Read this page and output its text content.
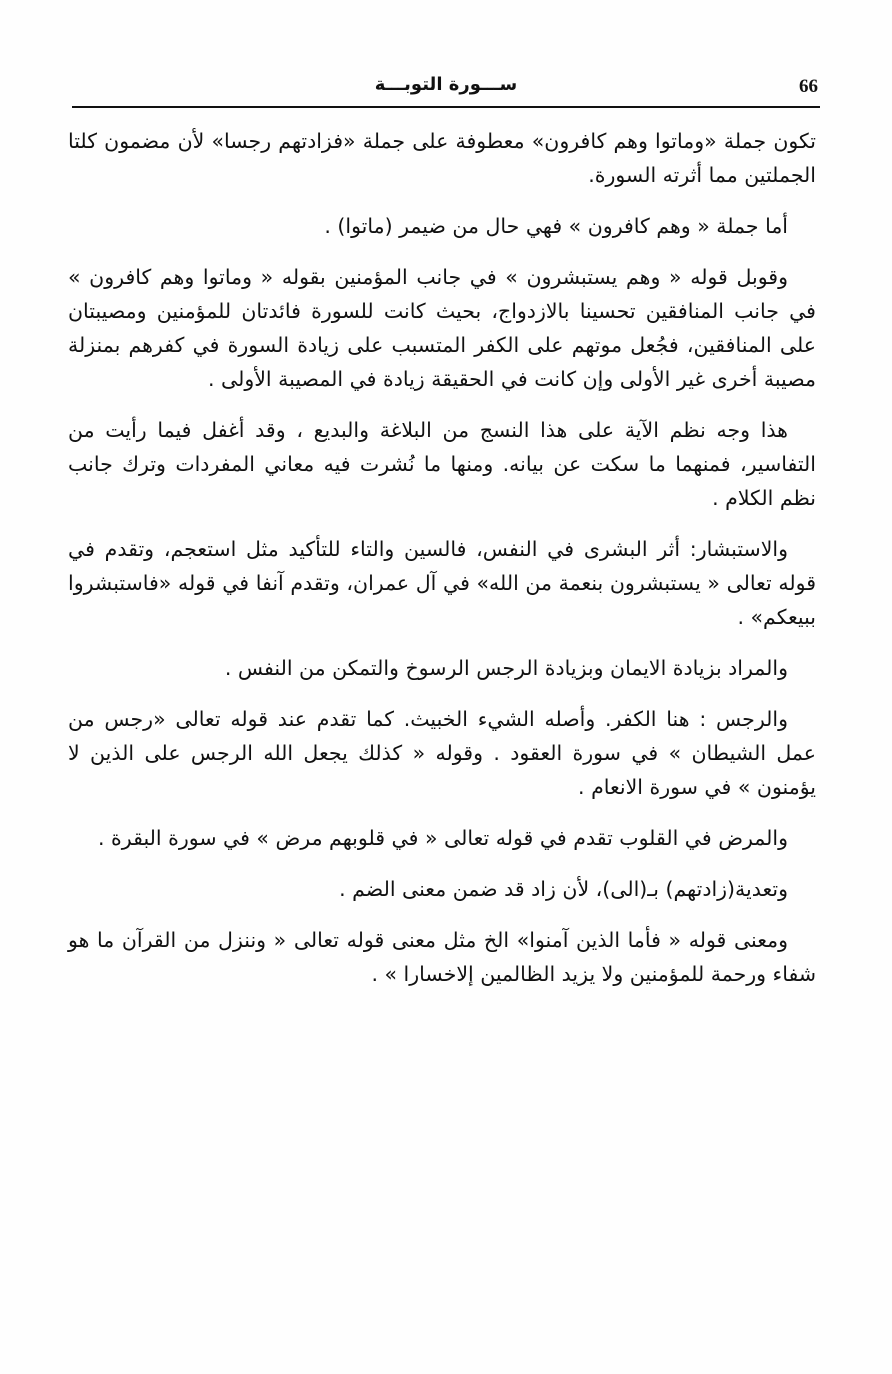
66
ســـورة التوبـــة

تكون جملة «وماتوا وهم كافرون» معطوفة على جملة «فزادتهم رجسا» لأن مضمون كلتا الجملتين مما أثرته السورة.

أما جملة « وهم كافرون » فهي حال من ضيمر (ماتوا) .

وقوبل قوله « وهم يستبشرون » في جانب المؤمنين بقوله « وماتوا وهم كافرون » في جانب المنافقين تحسينا بالازدواج، بحيث كانت للسورة فائدتان للمؤمنين ومصيبتان على المنافقين، فجُعل موتهم على الكفر المتسبب على زيادة السورة في كفرهم بمنزلة مصيبة أخرى غير الأولى وإن كانت في الحقيقة زيادة في المصيبة الأولى .

هذا وجه نظم الآية على هذا النسج من البلاغة والبديع ، وقد أغفل فيما رأيت من التفاسير، فمنهما ما سكت عن بيانه. ومنها ما نُشرت فيه معاني المفردات وترك جانب نظم الكلام .

والاستبشار: أثر البشرى في النفس، فالسين والتاء للتأكيد مثل استعجم، وتقدم في قوله تعالى « يستبشرون بنعمة من الله» في آل عمران، وتقدم آنفا في قوله «فاستبشروا ببيعكم» .

والمراد بزيادة الايمان وبزيادة الرجس الرسوخ والتمكن من النفس .

والرجس : هنا الكفر. وأصله الشيء الخبيث. كما تقدم عند قوله تعالى «رجس من عمل الشيطان » في سورة العقود . وقوله « كذلك يجعل الله الرجس على الذين لا يؤمنون » في سورة الانعام .

والمرض في القلوب تقدم في قوله تعالى « في قلوبهم مرض » في سورة البقرة .

وتعدية(زادتهم) بـ(الى)، لأن زاد قد ضمن معنى الضم .

ومعنى قوله « فأما الذين آمنوا» الخ مثل معنى قوله تعالى « وننزل من القرآن ما هو شفاء ورحمة للمؤمنين ولا يزيد الظالمين إلاخسارا » .
